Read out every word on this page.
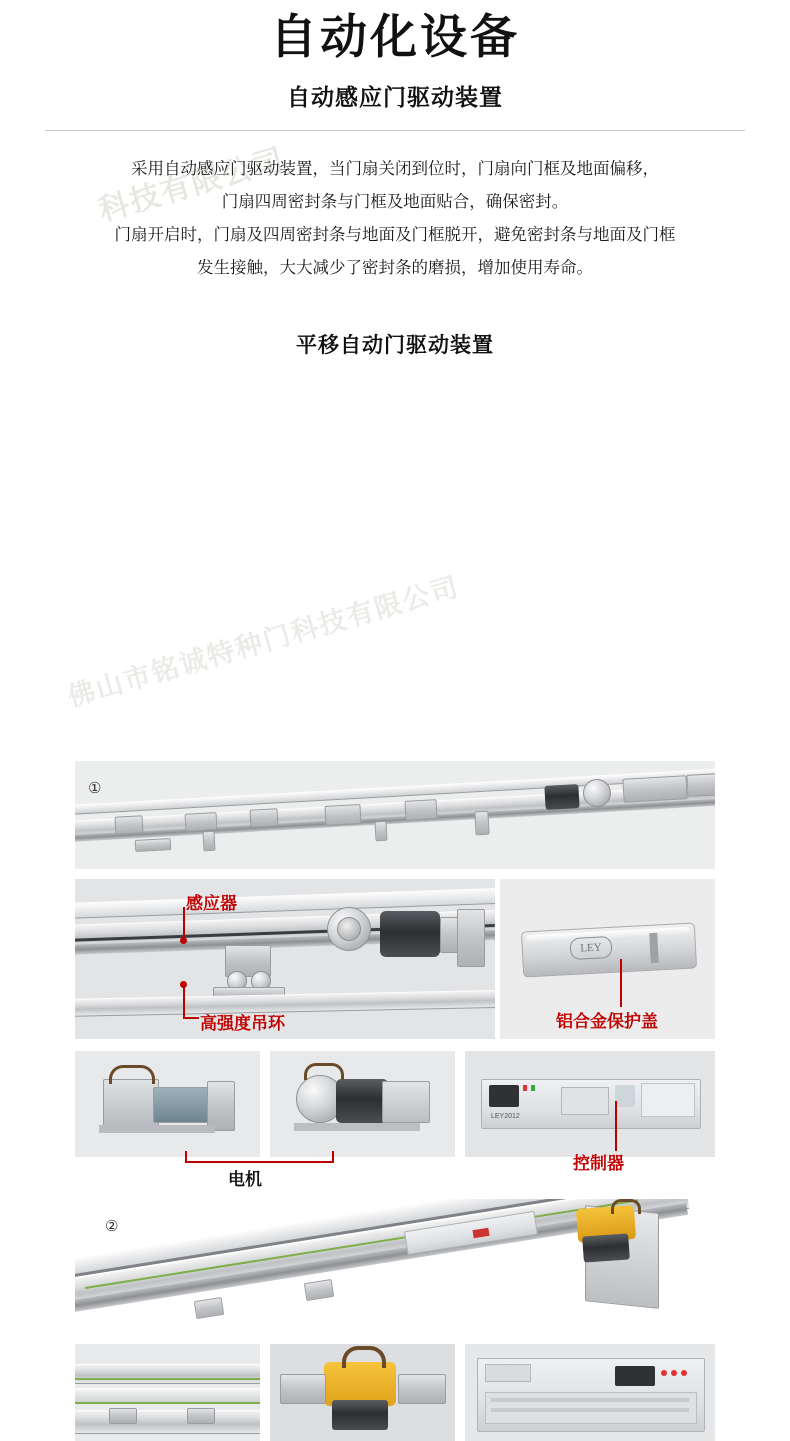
科技有限公司
佛山市铭诚特种门科技有限公司
自动化设备
自动感应门驱动装置

采用自动感应门驱动装置，当门扇关闭到位时，门扇向门框及地面偏移，

门扇四周密封条与门框及地面贴合，确保密封。

门扇开启时，门扇及四周密封条与地面及门框脱开，避免密封条与地面及门框

发生接触，大大减少了密封条的磨损，增加使用寿命。

平移自动门驱动装置
①
感应器
高强度吊环
LEY
铝合金保护盖
电机
LEY2012
控制器
②
